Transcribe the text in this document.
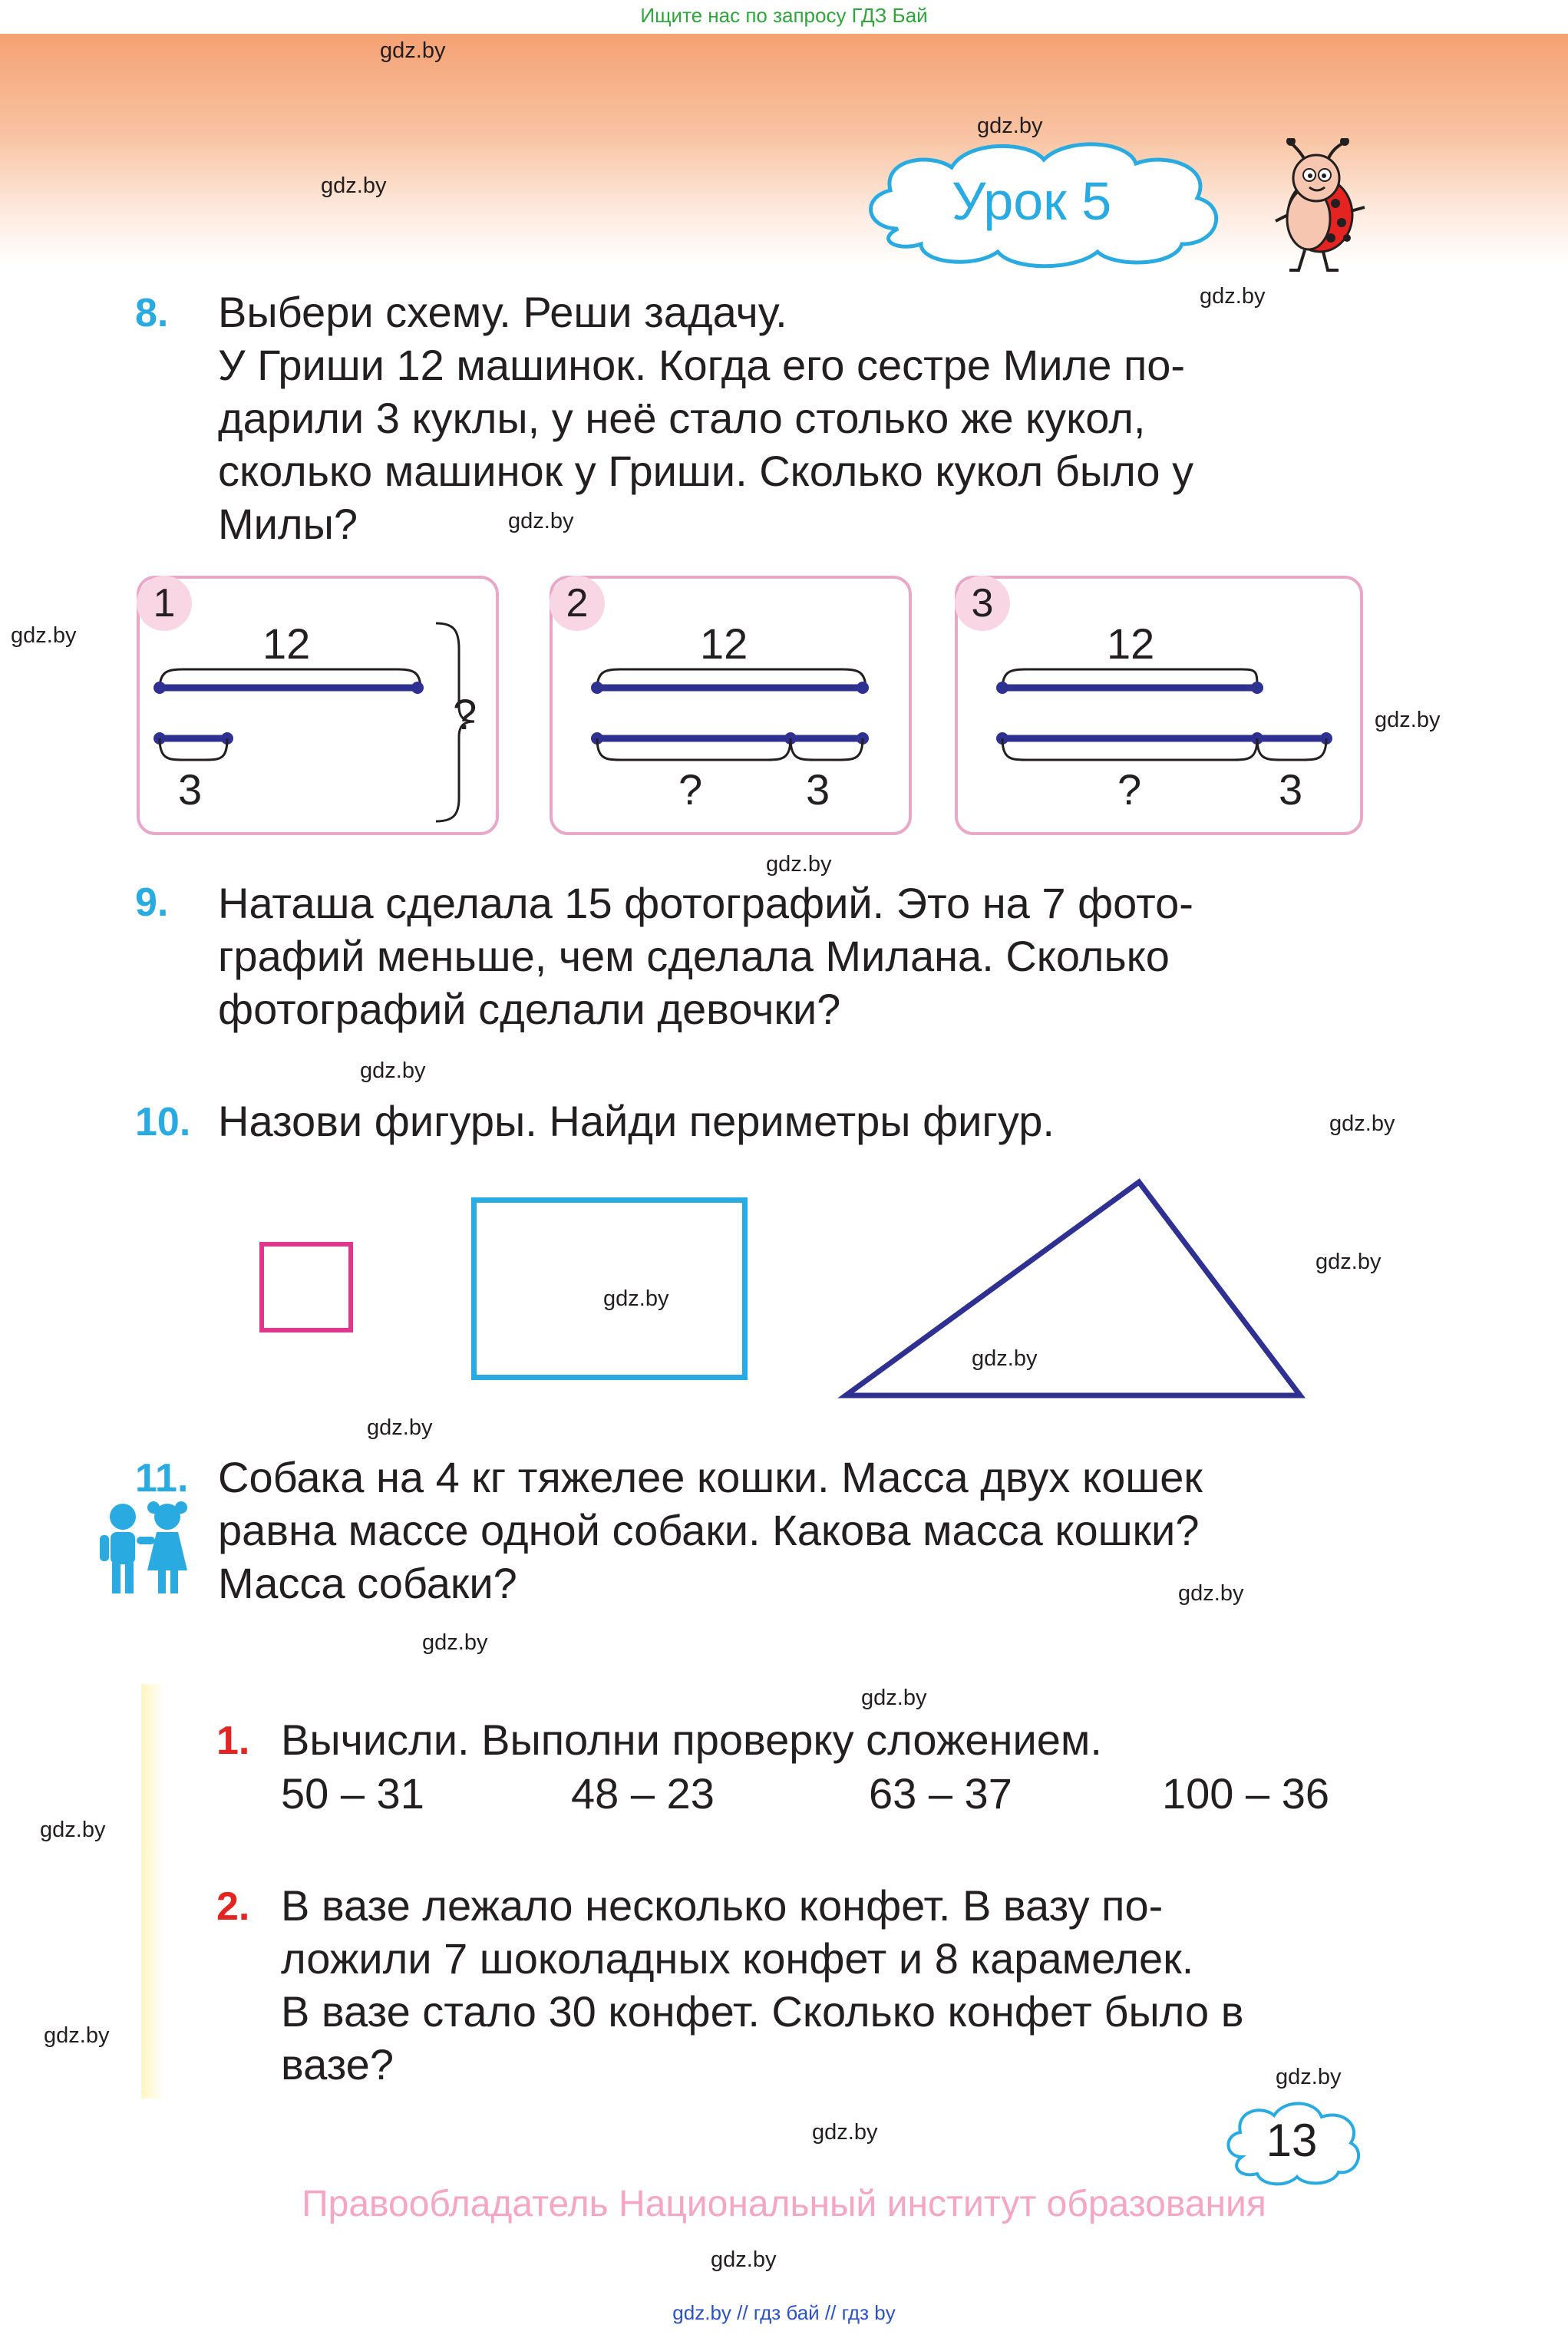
Ищите нас по запросу ГДЗ Бай
Урок 5
gdz.by
gdz.by
gdz.by
gdz.by
gdz.by
gdz.by
gdz.by
gdz.by
gdz.by
gdz.by
gdz.by
gdz.by
gdz.by
gdz.by
gdz.by
gdz.by
gdz.by
gdz.by
gdz.by
gdz.by
gdz.by
gdz.by
8. Выбери схему. Реши задачу.
У Гриши 12 машинок. Когда его сестре Миле по-
дарили 3 куклы, у неё стало столько же кукол,
сколько машинок у Гриши. Сколько кукол было у
Милы?
1
12
?
3
2
12
? 3
3
12
?	3
9. Наташа сделала 15 фотографий. Это на 7 фото-
графий меньше, чем сделала Милана. Сколько
фотографий сделали девочки?
10. Назови фигуры. Найди периметры фигур.
11. Собака на 4 кг тяжелее кошки. Масса двух кошек
равна массе одной собаки. Какова масса кошки?
Масса собаки?
1. Вычисли. Выполни проверку сложением.
50 – 31	48 – 23	63 – 37	100 – 36
2. В вазе лежало несколько конфет. В вазу по-
ложили 7 шоколадных конфет и 8 карамелек.
В вазе стало 30 конфет. Сколько конфет было в
вазе?
13
Правообладатель Национальный институт образования
gdz.by // гдз бай // гдз by
